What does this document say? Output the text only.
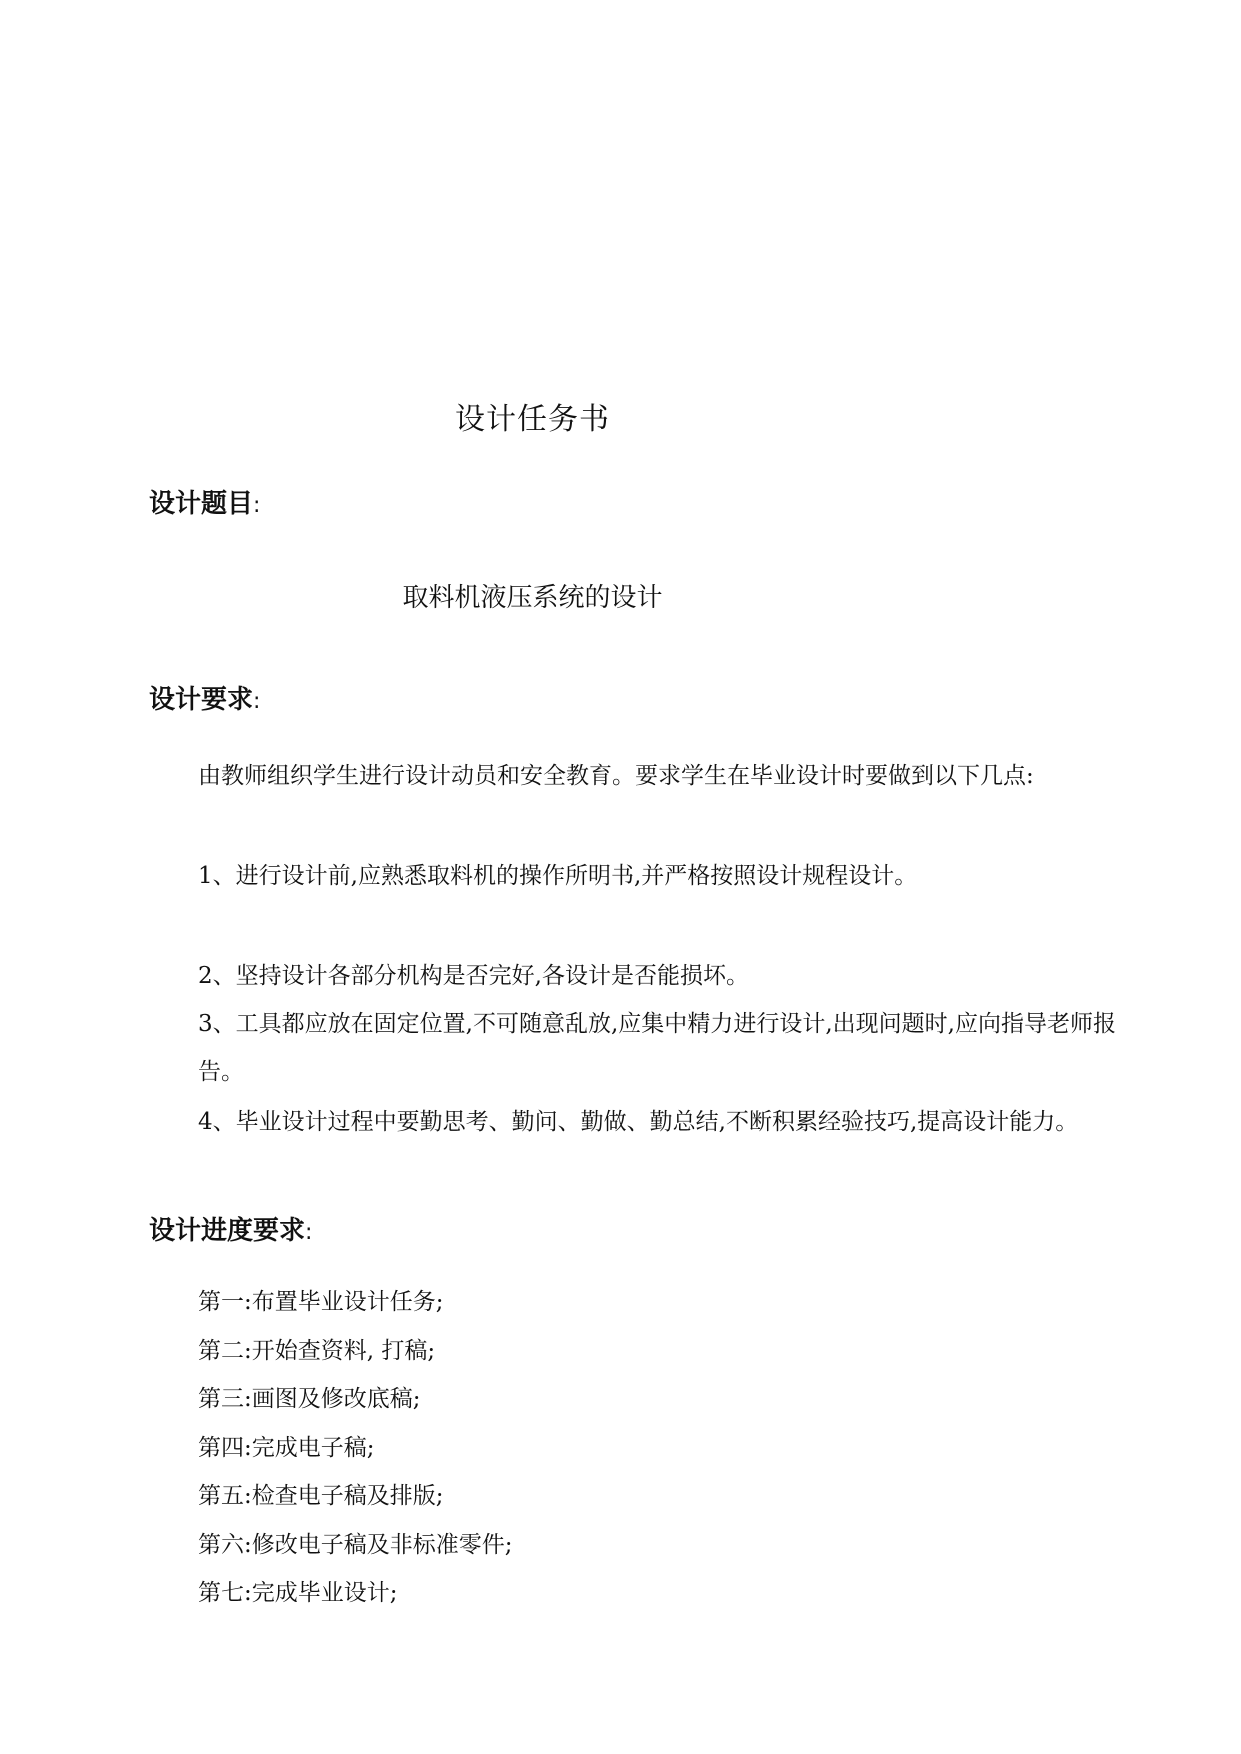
设计任务书
设计题目:
取料机液压系统的设计
设计要求:

由教师组织学生进行设计动员和安全教育。要求学生在毕业设计时要做到以下几点:

1、进行设计前,应熟悉取料机的操作所明书,并严格按照设计规程设计。

2、坚持设计各部分机构是否完好,各设计是否能损坏。

3、工具都应放在固定位置,不可随意乱放,应集中精力进行设计,出现问题时,应向指导老师报告。

4、毕业设计过程中要勤思考、勤问、勤做、勤总结,不断积累经验技巧,提高设计能力。

设计进度要求:
第一:布置毕业设计任务;
第二:开始查资料, 打稿;
第三:画图及修改底稿;
第四:完成电子稿;
第五:检查电子稿及排版;
第六:修改电子稿及非标准零件;
第七:完成毕业设计;
